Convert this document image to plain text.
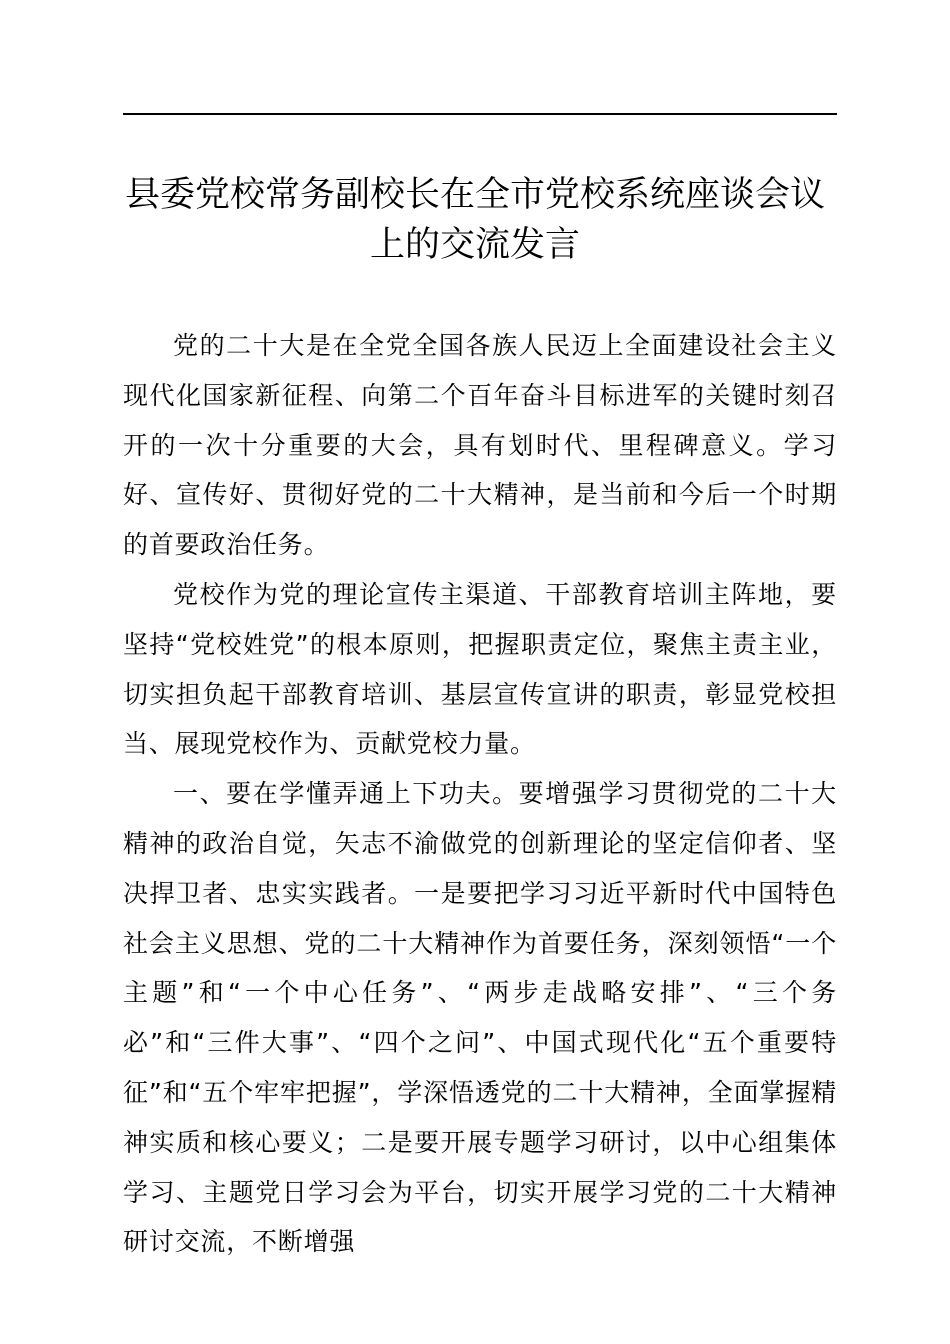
县委党校常务副校长在全市党校系统座谈会议
上的交流发言

党的二十大是在全党全国各族人民迈上全面建设社会主义现代化国家新征程、向第二个百年奋斗目标进军的关键时刻召开的一次十分重要的大会，具有划时代、里程碑意义。学习好、宣传好、贯彻好党的二十大精神，是当前和今后一个时期的首要政治任务。

党校作为党的理论宣传主渠道、干部教育培训主阵地，要坚持“党校姓党”的根本原则，把握职责定位，聚焦主责主业，切实担负起干部教育培训、基层宣传宣讲的职责，彰显党校担当、展现党校作为、贡献党校力量。

一、要在学懂弄通上下功夫。要增强学习贯彻党的二十大精神的政治自觉，矢志不渝做党的创新理论的坚定信仰者、坚决捍卫者、忠实实践者。一是要把学习习近平新时代中国特色社会主义思想、党的二十大精神作为首要任务，深刻领悟“一个主题”和“一个中心任务”、“两步走战略安排”、“三个务必”和“三件大事”、“四个之问”、中国式现代化“五个重要特征”和“五个牢牢把握”，学深悟透党的二十大精神，全面掌握精神实质和核心要义；二是要开展专题学习研讨，以中心组集体学习、主题党日学习会为平台，切实开展学习党的二十大精神研讨交流，不断增强
